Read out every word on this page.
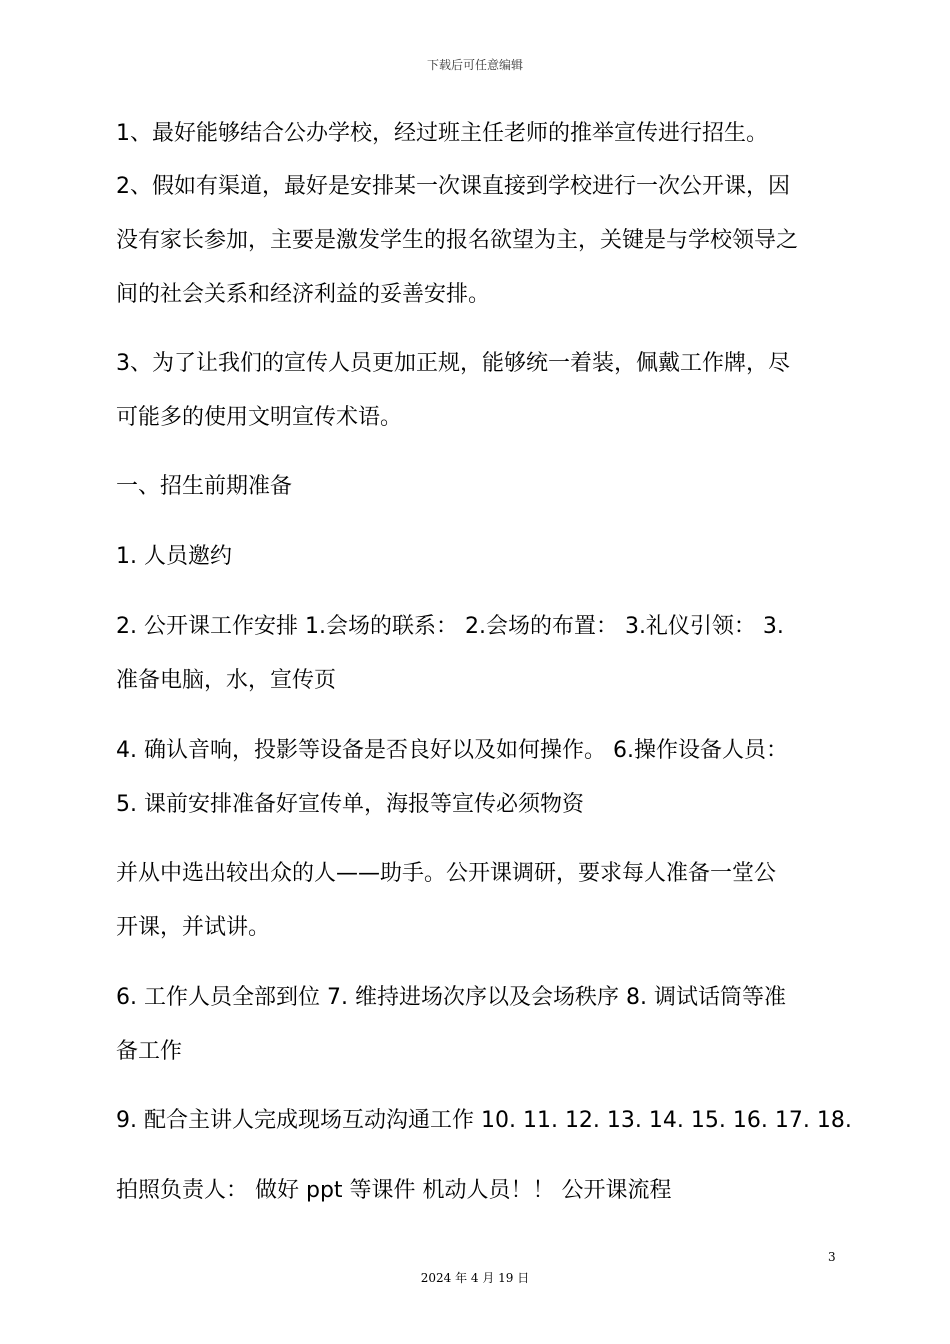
下载后可任意编辑
1、最好能够结合公办学校，经过班主任老师的推举宣传进行招生。
2、假如有渠道，最好是安排某一次课直接到学校进行一次公开课，因
没有家长参加，主要是激发学生的报名欲望为主，关键是与学校领导之
间的社会关系和经济利益的妥善安排。
3、为了让我们的宣传人员更加正规，能够统一着装，佩戴工作牌，尽
可能多的使用文明宣传术语。
一、招生前期准备
1. 人员邀约
2. 公开课工作安排 1.会场的联系： 2.会场的布置： 3.礼仪引领： 3.
准备电脑，水，宣传页
4. 确认音响，投影等设备是否良好以及如何操作。 6.操作设备人员：
5. 课前安排准备好宣传单，海报等宣传必须物资
并从中选出较出众的人——助手。公开课调研，要求每人准备一堂公
开课，并试讲。
6. 工作人员全部到位 7. 维持进场次序以及会场秩序 8. 调试话筒等准
备工作
9. 配合主讲人完成现场互动沟通工作 10. 11. 12. 13. 14. 15. 16. 17. 18.
拍照负责人： 做好 ppt 等课件 机动人员！！ 公开课流程
3
2024 年 4 月 19 日
